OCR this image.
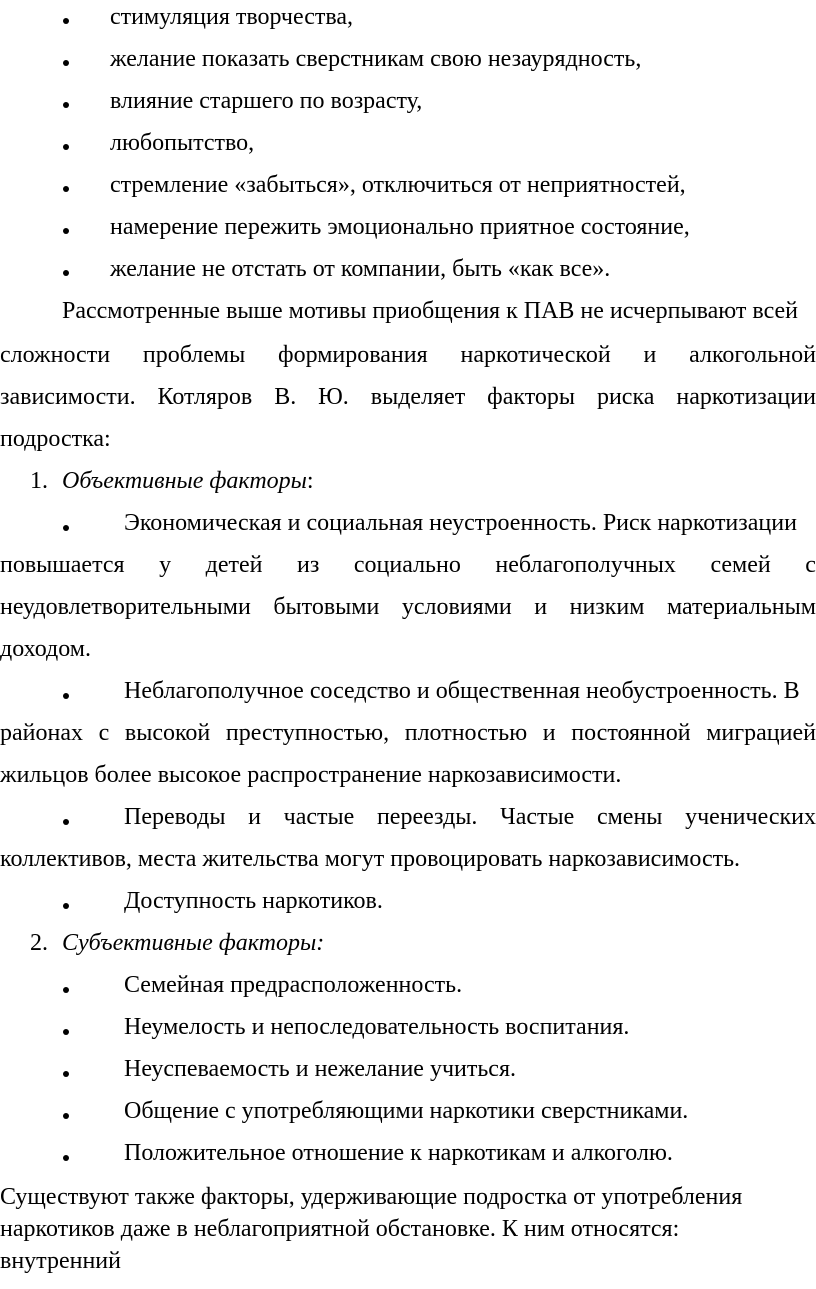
стимуляция творчества,
желание показать сверстникам свою незаурядность,
влияние старшего по возрасту,
любопытство,
стремление «забыться», отключиться от неприятностей,
намерение пережить эмоционально приятное состояние,
желание не отстать от компании, быть «как все».
Рассмотренные выше мотивы приобщения к ПАВ не исчерпывают всей
сложности проблемы формирования наркотической и алкогольной
зависимости. Котляров В. Ю. выделяет факторы риска наркотизации
подростка:
1. Объективные факторы:
Экономическая и социальная неустроенность. Риск наркотизации
повышается у детей из социально неблагополучных семей с
неудовлетворительными бытовыми условиями и низким материальным
доходом.
Неблагополучное соседство и общественная необустроенность. В
районах с высокой преступностью, плотностью и постоянной миграцией
жильцов более высокое распространение наркозависимости.
Переводы и частые переезды. Частые смены ученических
коллективов, места жительства могут провоцировать наркозависимость.
Доступность наркотиков.
2. Субъективные факторы:
Семейная предрасположенность.
Неумелость и непоследовательность воспитания.
Неуспеваемость и нежелание учиться.
Общение с употребляющими наркотики сверстниками.
Положительное отношение к наркотикам и алкоголю.
Существуют также факторы, удерживающие подростка от употребления
наркотиков даже в неблагоприятной обстановке. К ним относятся:
внутренний
